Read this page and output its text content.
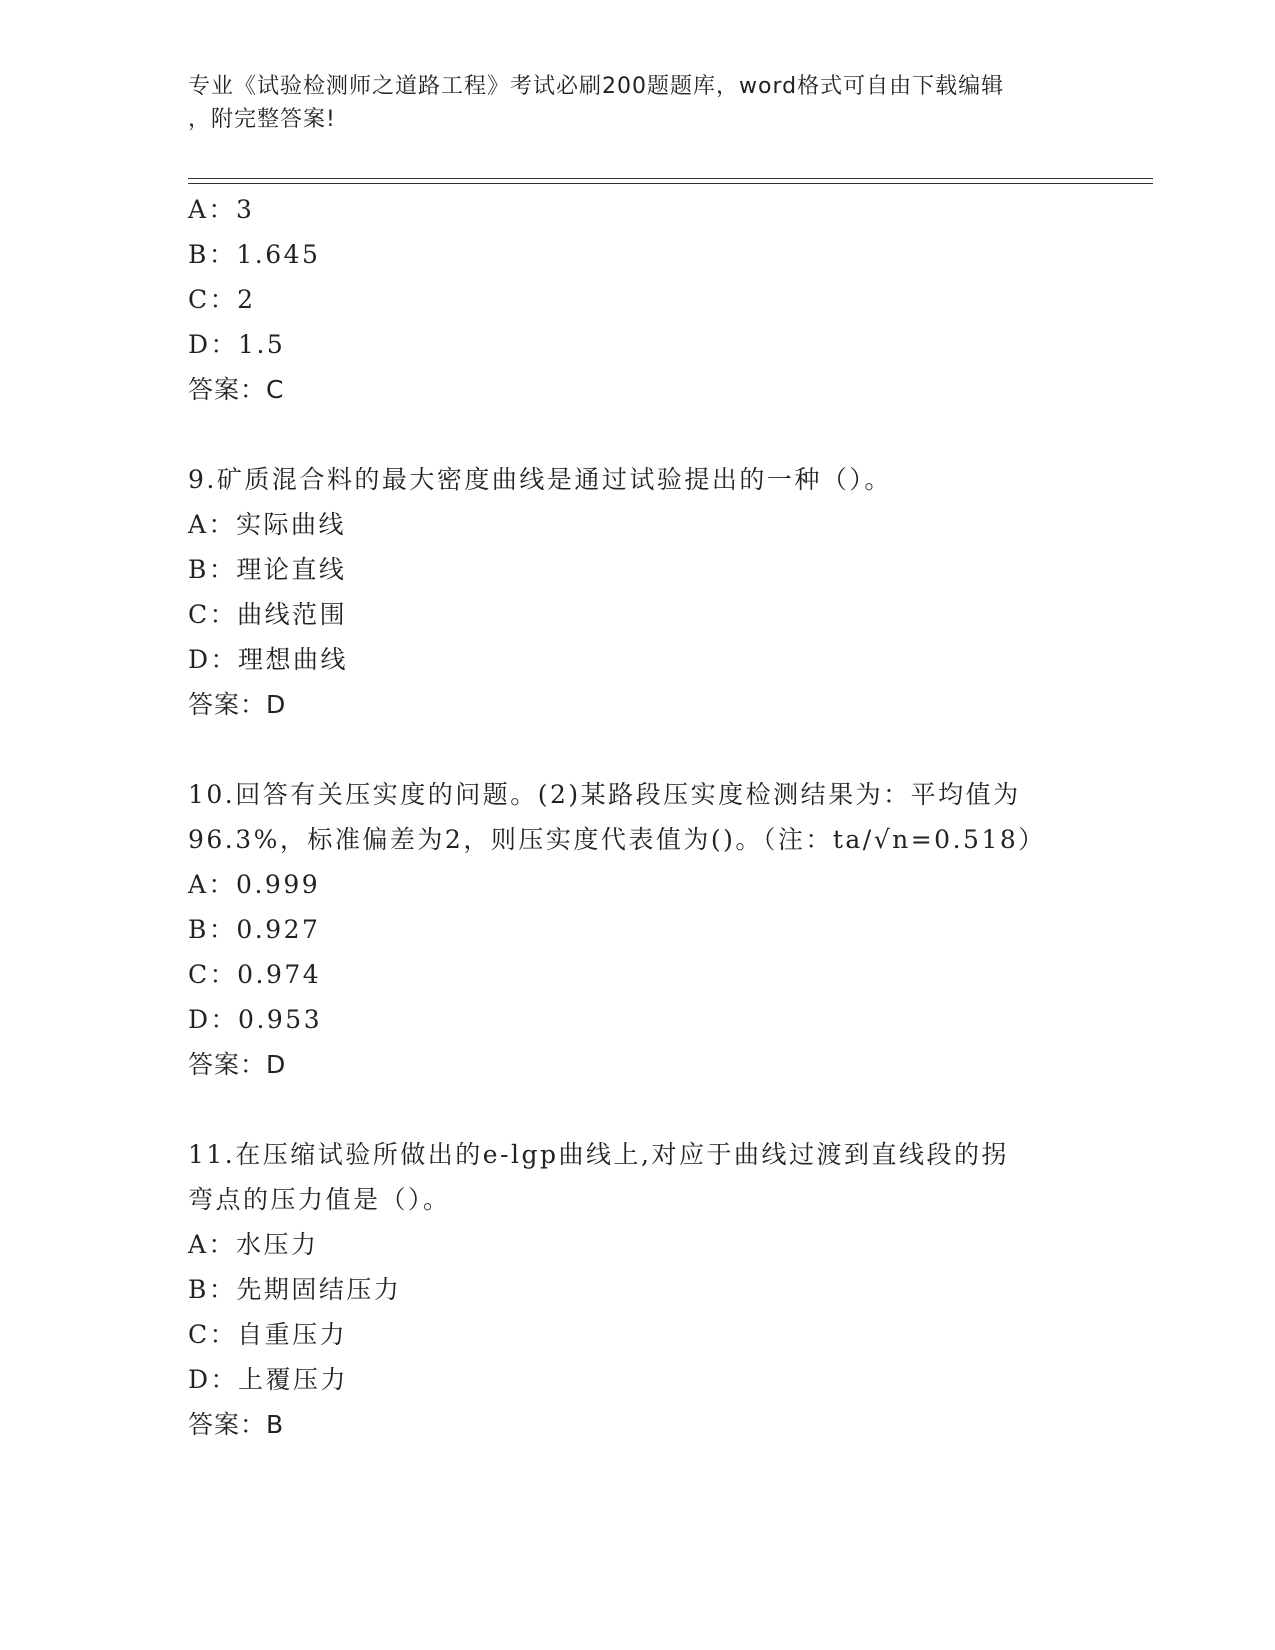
专业《试验检测师之道路工程》考试必刷200题题库，word格式可自由下载编辑
，附完整答案!
A：3
B：1.645
C：2
D：1.5
答案：C
9.矿质混合料的最大密度曲线是通过试验提出的一种（）。
A：实际曲线
B：理论直线
C：曲线范围
D：理想曲线
答案：D
10.回答有关压实度的问题。(2)某路段压实度检测结果为：平均值为
96.3%，标准偏差为2，则压实度代表值为()。（注：ta/√n=0.518）
A：0.999
B：0.927
C：0.974
D：0.953
答案：D
11.在压缩试验所做出的e-lgp曲线上,对应于曲线过渡到直线段的拐
弯点的压力值是（）。
A：水压力
B：先期固结压力
C：自重压力
D：上覆压力
答案：B
